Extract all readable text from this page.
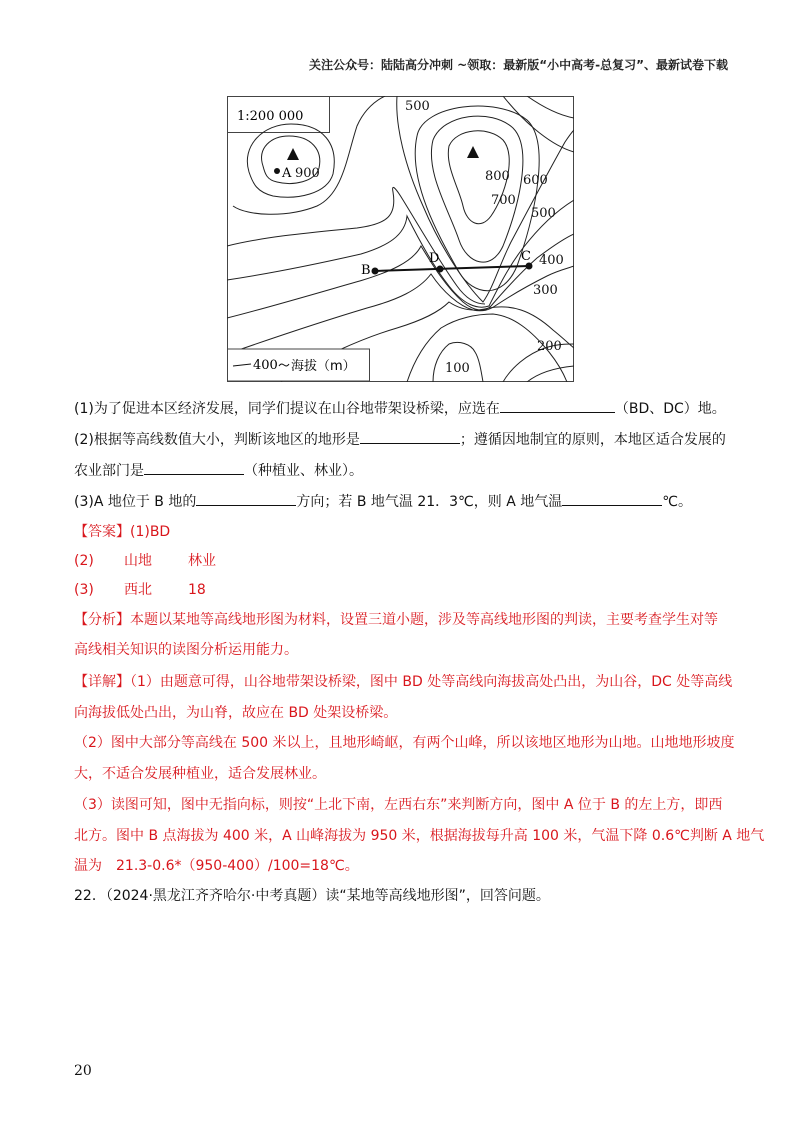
关注公众号：陆陆高分冲刺 ~领取：最新版“小中高考-总复习”、最新试卷下载
1:200 000
A
B
D	C
500
900	800
700
600
500
400
300
200
100
400 海拔（m）
(1)为了促进本区经济发展，同学们提议在山谷地带架设桥梁，应选在	（BD、DC）地。
(2)根据等高线数值大小，判断该地区的地形是	；遵循因地制宜的原则，本地区适合发展的
农业部门是	（种植业、林业）。
(3)A 地位于 B 地的	方向；若 B 地气温 21．3℃，则 A 地气温	℃。
【答案】(1)BD
(2) 山地	林业
(3) 西北	18
【分析】本题以某地等高线地形图为材料，设置三道小题，涉及等高线地形图的判读，主要考查学生对等
高线相关知识的读图分析运用能力。
【详解】（1）由题意可得，山谷地带架设桥梁，图中 BD 处等高线向海拔高处凸出，为山谷，DC 处等高线
向海拔低处凸出，为山脊，故应在 BD 处架设桥梁。
（2）图中大部分等高线在 500 米以上，且地形崎岖，有两个山峰，所以该地区地形为山地。山地地形坡度
大，不适合发展种植业，适合发展林业。
（3）读图可知，图中无指向标，则按“上北下南，左西右东”来判断方向，图中 A 位于 B 的左上方，即西
北方。图中 B 点海拔为 400 米，A 山峰海拔为 950 米，根据海拔每升高 100 米，气温下降 0.6℃判断 A 地气
温为　21.3-0.6*（950-400）/100=18℃。
22．（2024·黑龙江齐齐哈尔·中考真题）读“某地等高线地形图”，回答问题。
20
